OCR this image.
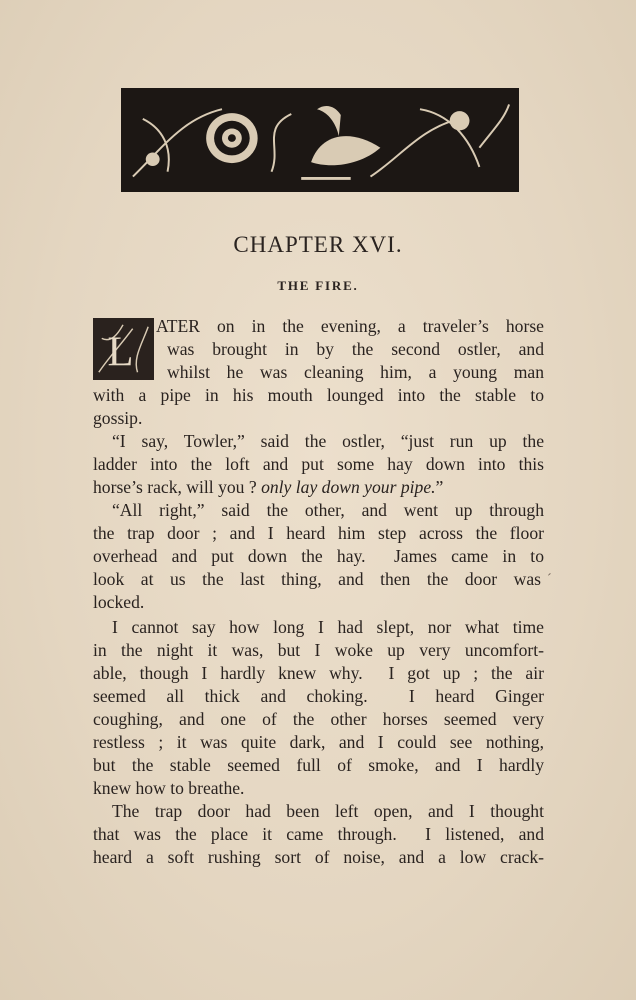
CHAPTER XVI.
THE FIRE.
L
ATER on in the evening, a traveler’s horse
was brought in by the second ostler, and
whilst he was cleaning him, a young man
with a pipe in his mouth lounged into the stable to
gossip.
“I say, Towler,” said the ostler, “just run up the
ladder into the loft and put some hay down into this
horse’s rack, will you ? only lay down your pipe.”
“All right,” said the other, and went up through
the trap door ; and I heard him step across the floor
overhead and put down the hay.  James came in to
look at us the last thing, and then the door was
locked.
I cannot say how long I had slept, nor what time
in the night it was, but I woke up very uncomfort-
able, though I hardly knew why.  I got up ; the air
seemed all thick and choking.  I heard Ginger
coughing, and one of the other horses seemed very
restless ; it was quite dark, and I could see nothing,
but the stable seemed full of smoke, and I hardly
knew how to breathe.
The trap door had been left open, and I thought
that was the place it came through.  I listened, and
heard a soft rushing sort of noise, and a low crack-
´
